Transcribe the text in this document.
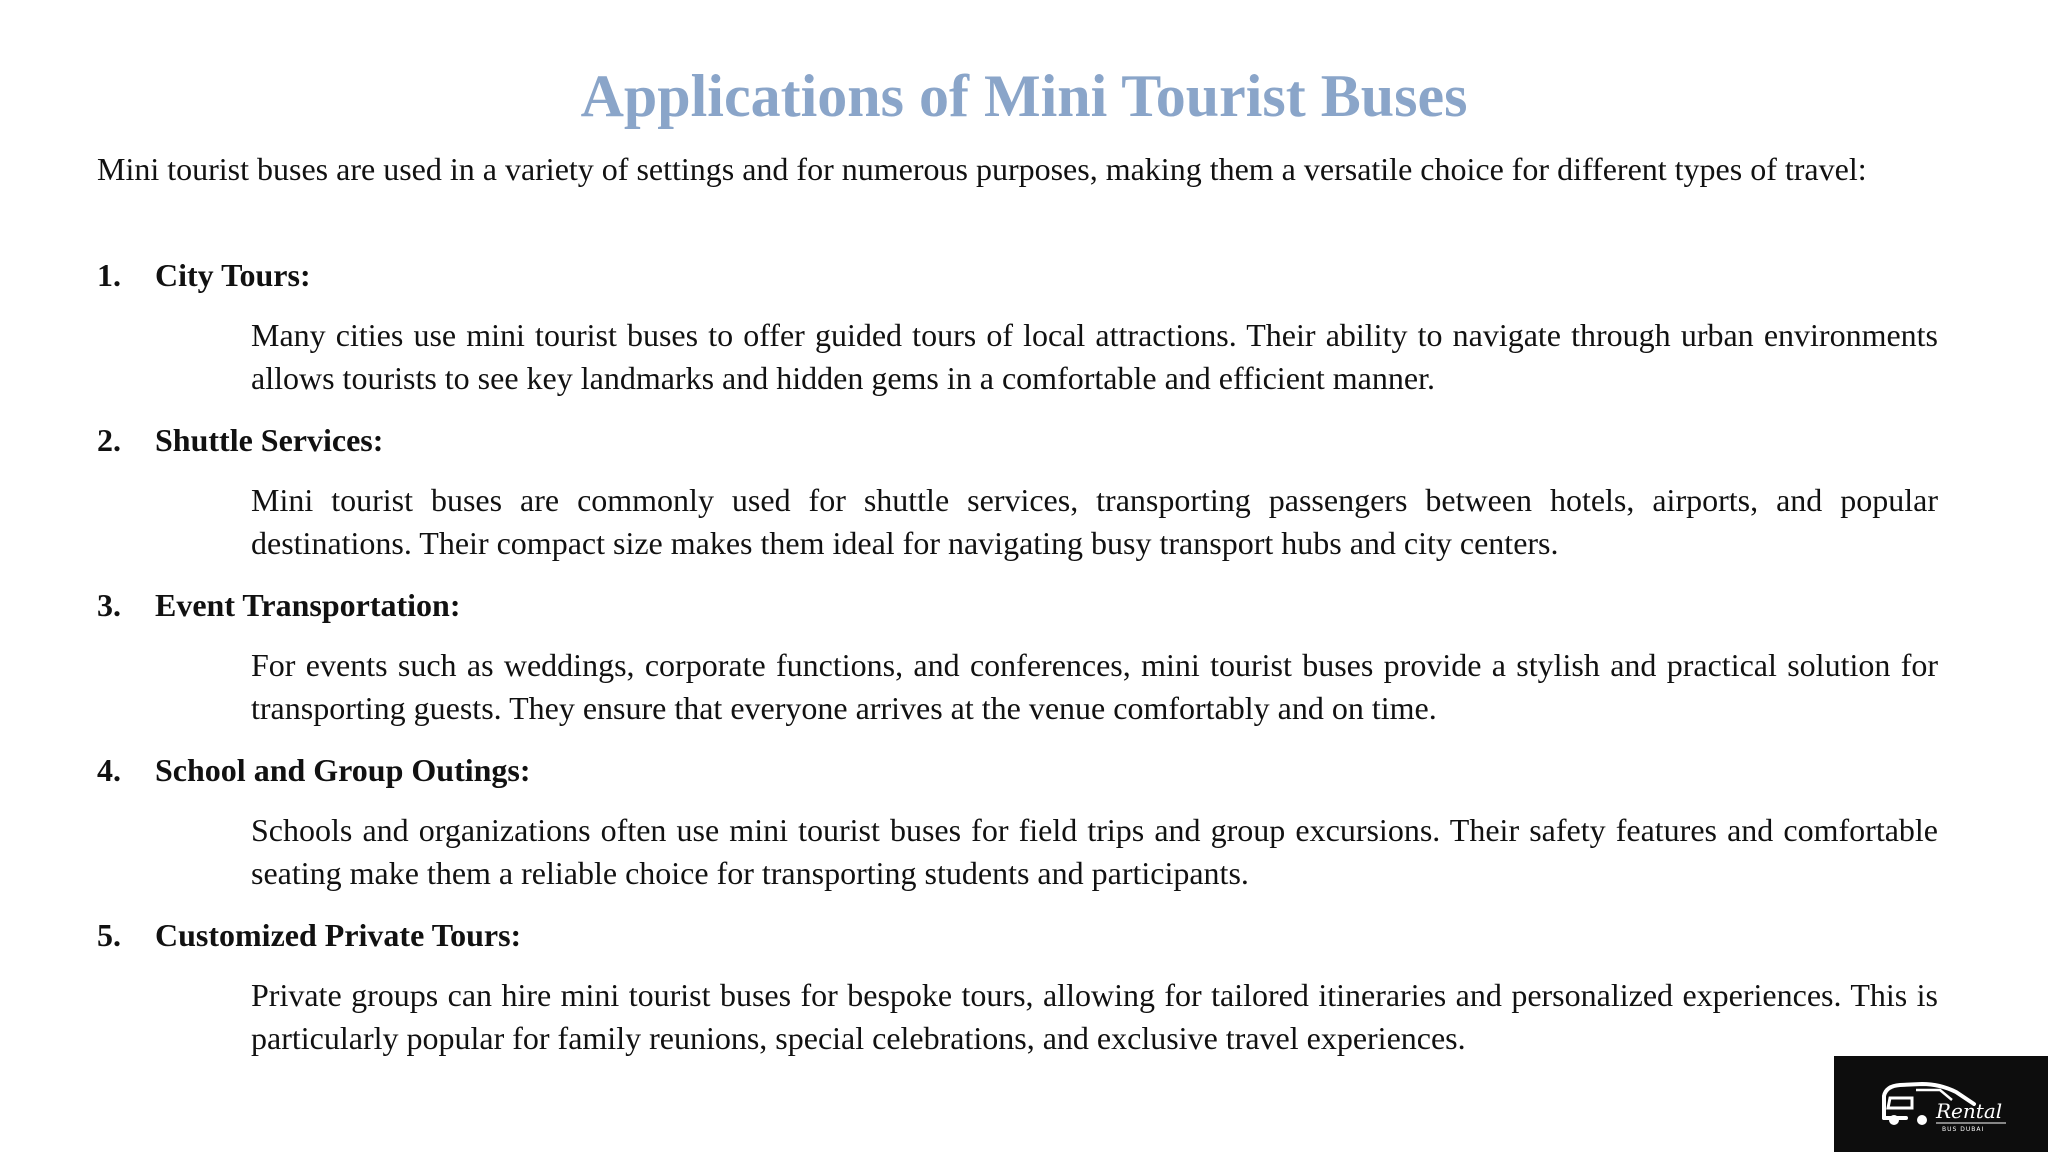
Applications of Mini Tourist Buses

Mini tourist buses are used in a variety of settings and for numerous purposes, making them a versatile choice for different types of travel:

1. City Tours:

Many cities use mini tourist buses to offer guided tours of local attractions. Their ability to navigate through urban environments allows tourists to see key landmarks and hidden gems in a comfortable and efficient manner.

2. Shuttle Services:

Mini tourist buses are commonly used for shuttle services, transporting passengers between hotels, airports, and popular destinations. Their compact size makes them ideal for navigating busy transport hubs and city centers.

3. Event Transportation:

For events such as weddings, corporate functions, and conferences, mini tourist buses provide a stylish and practical solution for transporting guests. They ensure that everyone arrives at the venue comfortably and on time.

4. School and Group Outings:

Schools and organizations often use mini tourist buses for field trips and group excursions. Their safety features and comfortable seating make them a reliable choice for transporting students and participants.

5. Customized Private Tours:

Private groups can hire mini tourist buses for bespoke tours, allowing for tailored itineraries and personalized experiences. This is particularly popular for family reunions, special celebrations, and exclusive travel experiences.

Rental
BUS DUBAI
